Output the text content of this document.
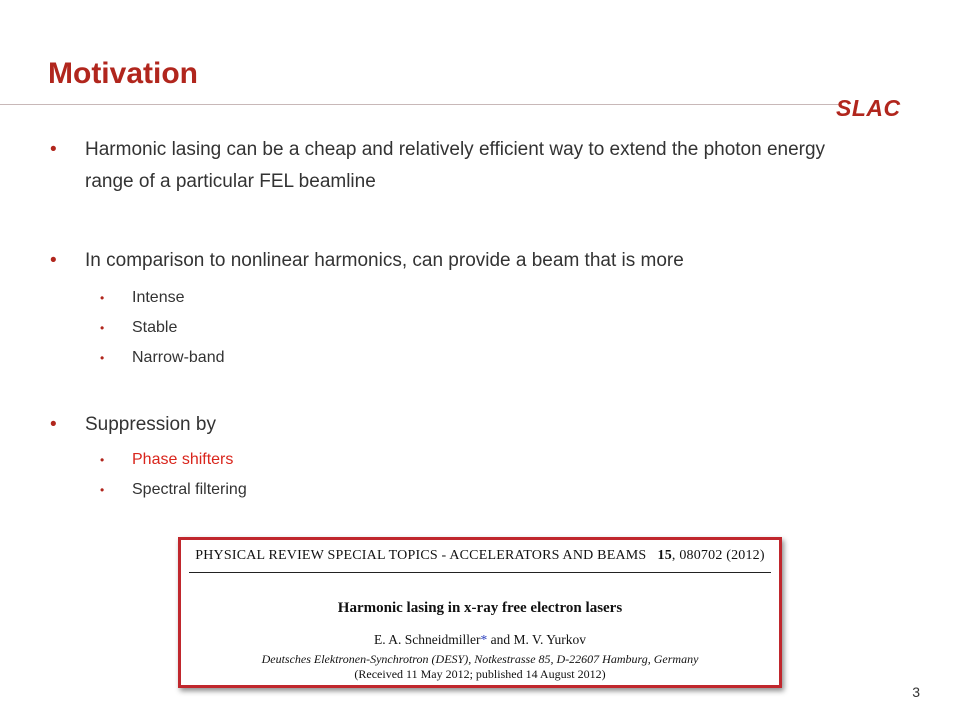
Motivation
SLAC
• Harmonic lasing can be a cheap and relatively efficient way to extend the photon energy range of a particular FEL beamline
• In comparison to nonlinear harmonics, can provide a beam that is more
• Intense
• Stable
• Narrow-band
• Suppression by
• Phase shifters
• Spectral filtering
PHYSICAL REVIEW SPECIAL TOPICS - ACCELERATORS AND BEAMS 15, 080702 (2012)
Harmonic lasing in x-ray free electron lasers
E. A. Schneidmiller* and M. V. Yurkov
Deutsches Elektronen-Synchrotron (DESY), Notkestrasse 85, D-22607 Hamburg, Germany
(Received 11 May 2012; published 14 August 2012)
3
